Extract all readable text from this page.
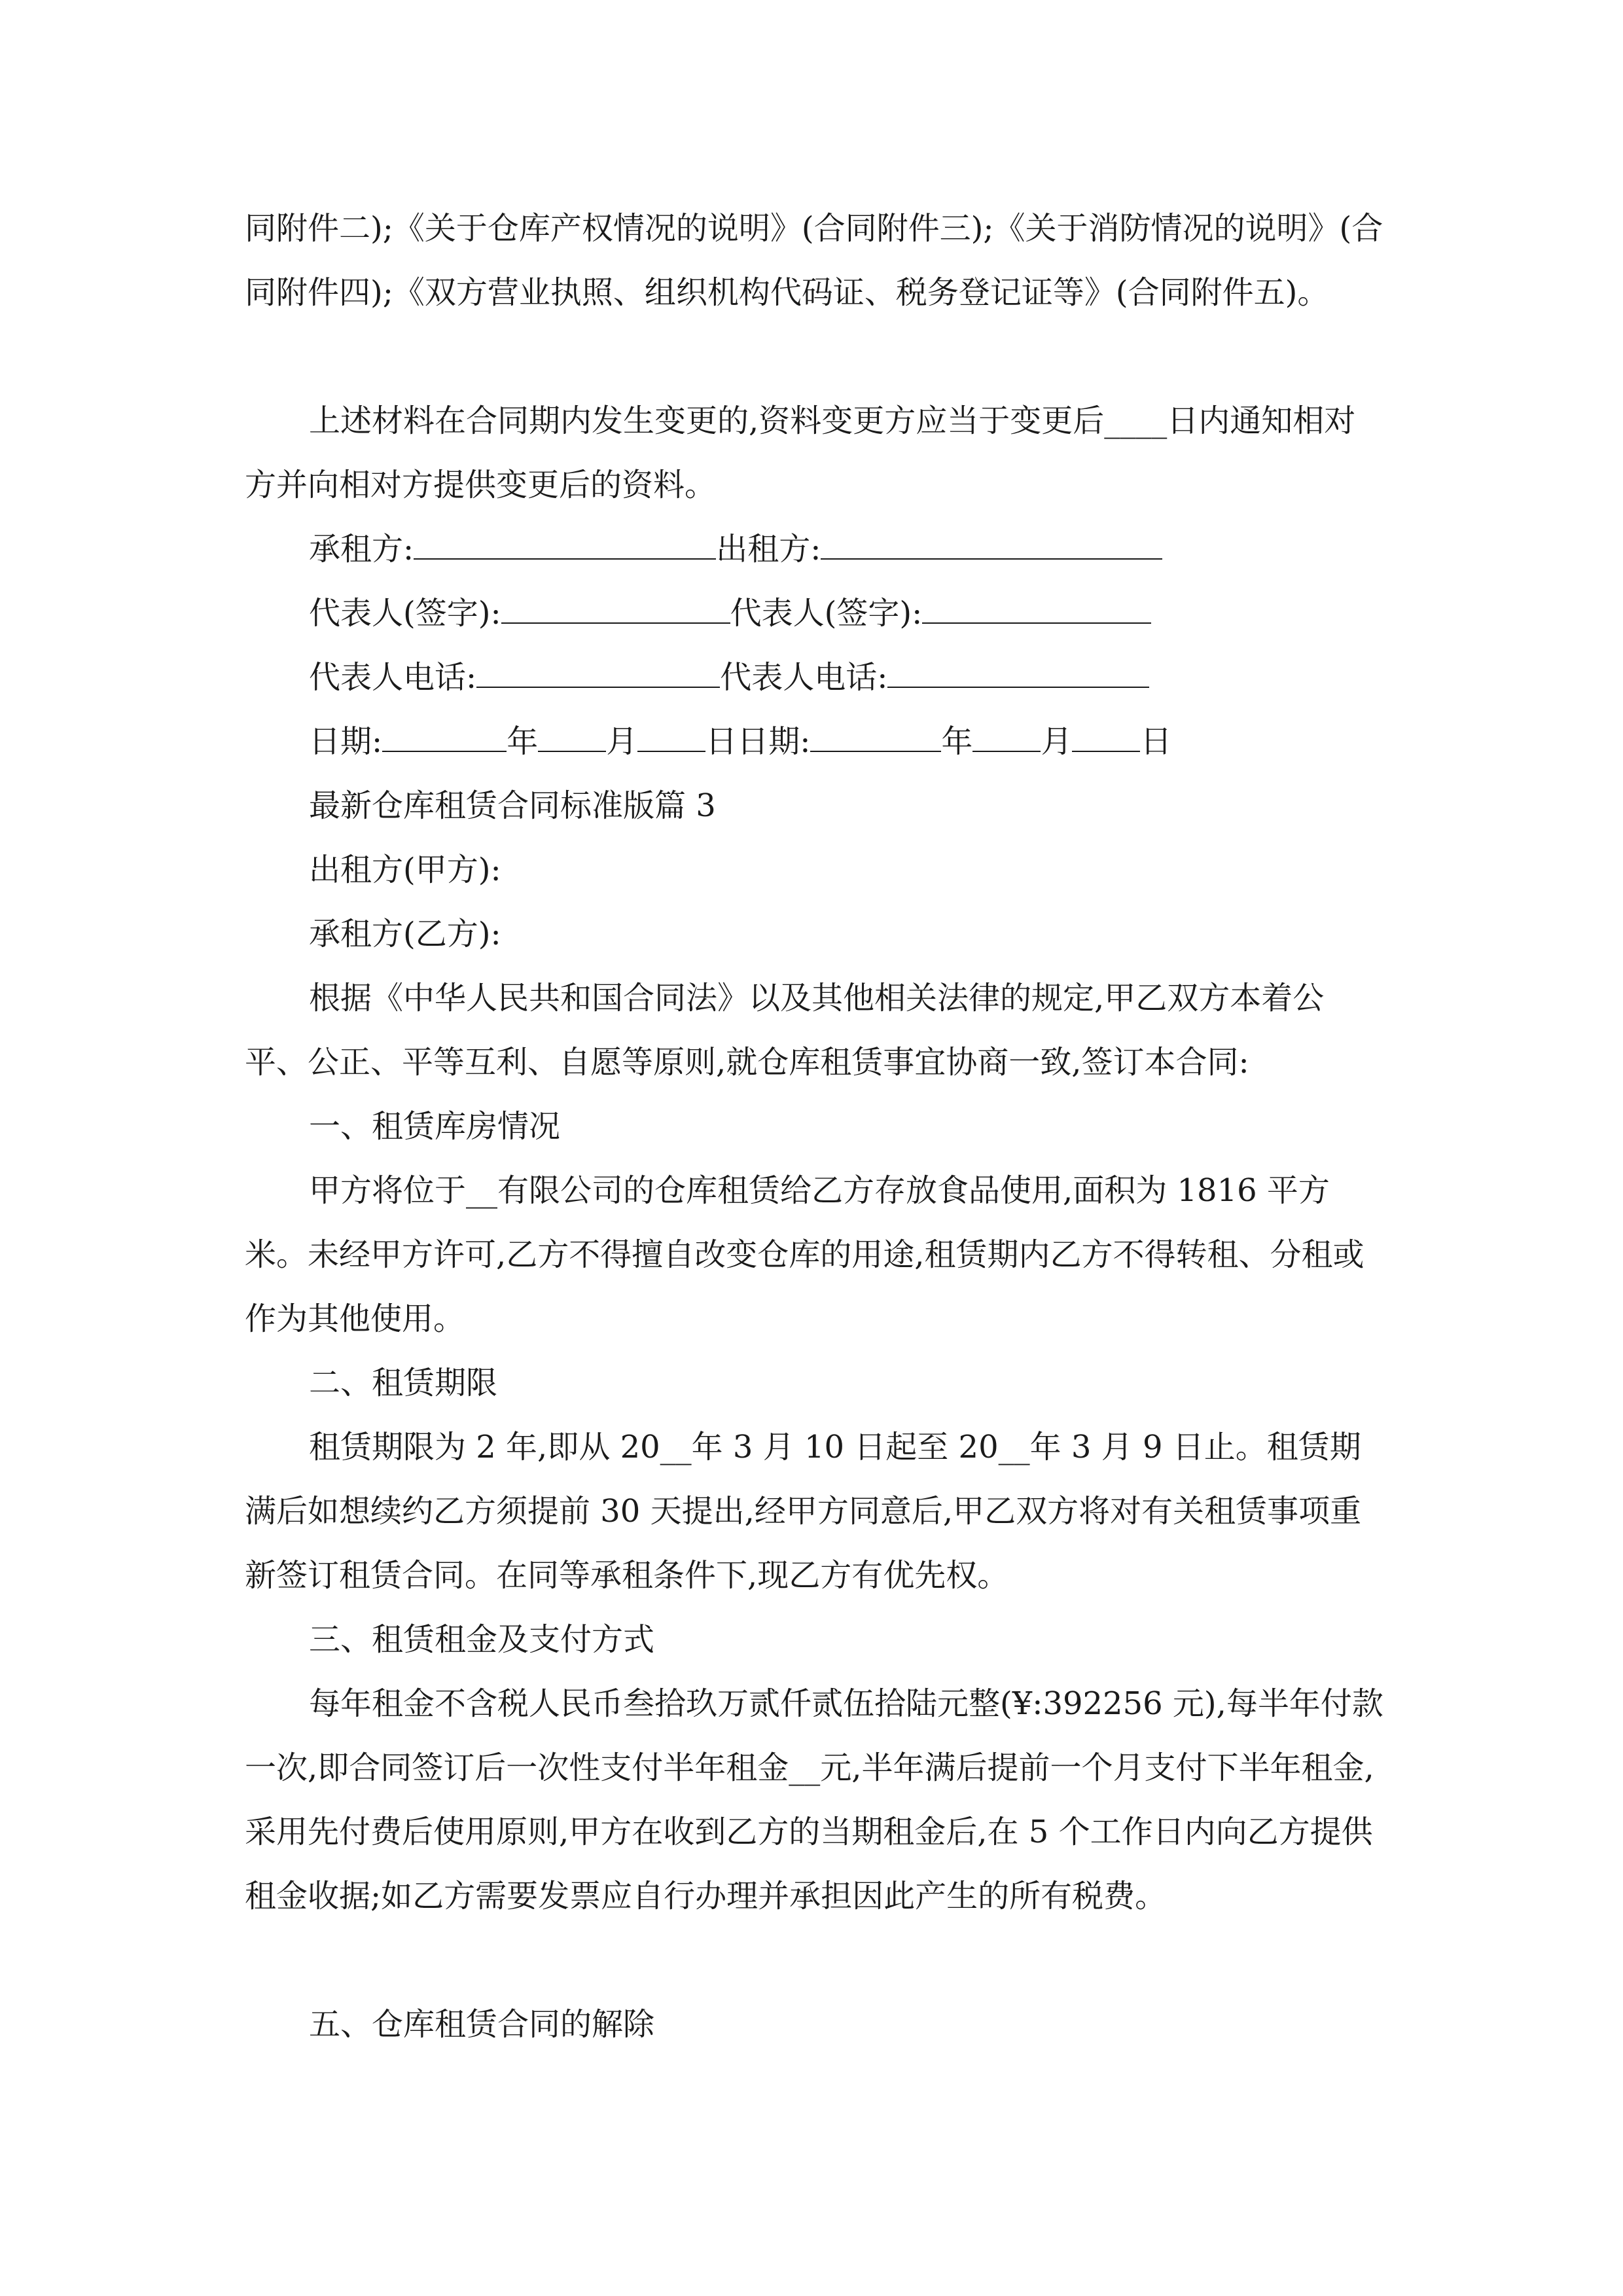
同附件二);《关于仓库产权情况的说明》(合同附件三);《关于消防情况的说明》(合同附件四);《双方营业执照、组织机构代码证、税务登记证等》(合同附件五)。

上述材料在合同期内发生变更的,资料变更方应当于变更后____日内通知相对方并向相对方提供变更后的资料。

承租方:	出租方:
代表人(签字):	代表人(签字):
代表人电话:	代表人电话:
日期:	年 月 日日期:	年 月 日
最新仓库租赁合同标准版篇 3
出租方(甲方):
承租方(乙方):

根据《中华人民共和国合同法》以及其他相关法律的规定,甲乙双方本着公平、公正、平等互利、自愿等原则,就仓库租赁事宜协商一致,签订本合同:

一、租赁库房情况

甲方将位于__有限公司的仓库租赁给乙方存放食品使用,面积为 1816 平方米。未经甲方许可,乙方不得擅自改变仓库的用途,租赁期内乙方不得转租、分租或作为其他使用。

二、租赁期限

租赁期限为 2 年,即从 20__年 3 月 10 日起至 20__年 3 月 9 日止。租赁期满后如想续约乙方须提前 30 天提出,经甲方同意后,甲乙双方将对有关租赁事项重新签订租赁合同。在同等承租条件下,现乙方有优先权。

三、租赁租金及支付方式

每年租金不含税人民币叁拾玖万贰仟贰伍拾陆元整(¥:392256 元),每半年付款一次,即合同签订后一次性支付半年租金__元,半年满后提前一个月支付下半年租金,采用先付费后使用原则,甲方在收到乙方的当期租金后,在 5 个工作日内向乙方提供租金收据;如乙方需要发票应自行办理并承担因此产生的所有税费。

五、仓库租赁合同的解除
